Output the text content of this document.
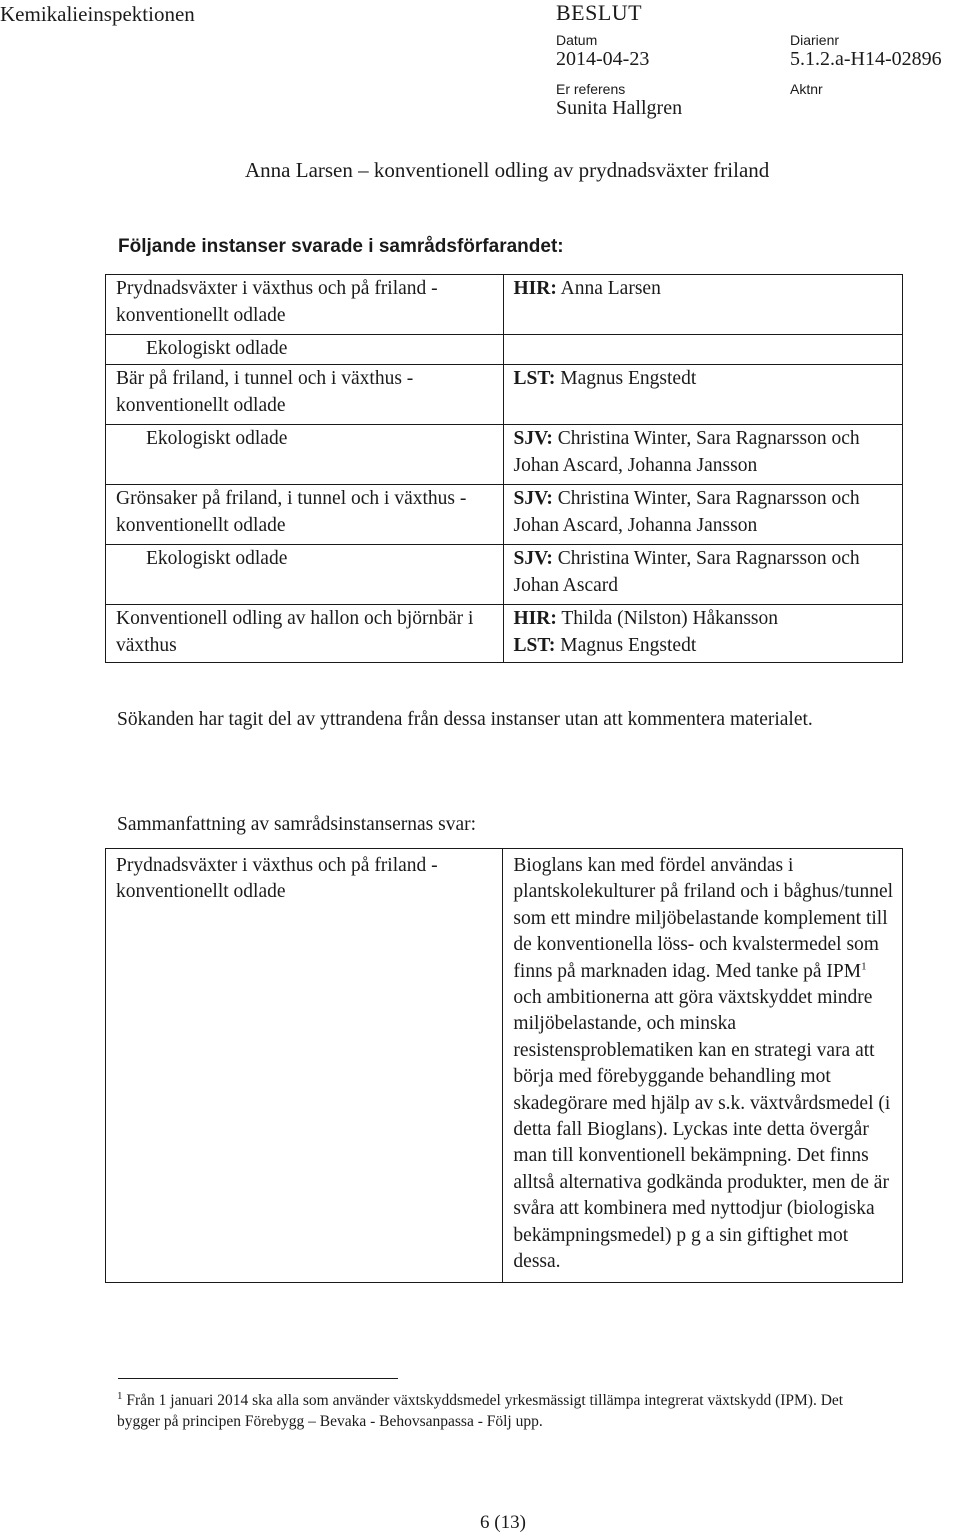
Kemikalieinspektionen	BESLUT
Datum
2014-04-23
Diarienr
5.1.2.a-H14-02896
Er referens
Sunita Hallgren
Aktnr
Anna Larsen – konventionell odling av prydnadsväxter friland
Följande instanser svarade i samrådsförfarandet:
Prydnadsväxter i växthus och på friland - konventionellt odlade	HIR: Anna Larsen
Ekologiskt odlade	
Bär på friland, i tunnel och i växthus - konventionellt odlade	LST: Magnus Engstedt
Ekologiskt odlade	SJV: Christina Winter, Sara Ragnarsson och Johan Ascard, Johanna Jansson
Grönsaker på friland, i tunnel och i växthus - konventionellt odlade	SJV: Christina Winter, Sara Ragnarsson och Johan Ascard, Johanna Jansson
Ekologiskt odlade	SJV: Christina Winter, Sara Ragnarsson och Johan Ascard
Konventionell odling av hallon och björnbär i växthus	HIR: Thilda (Nilston) Håkansson
LST: Magnus Engstedt
Sökanden har tagit del av yttrandena från dessa instanser utan att kommentera materialet.
Sammanfattning av samrådsinstansernas svar:
Prydnadsväxter i växthus och på friland - konventionellt odlade	Bioglans kan med fördel användas i plantskolekulturer på friland och i båghus/tunnel som ett mindre miljöbelastande komplement till de konventionella löss- och kvalstermedel som finns på marknaden idag. Med tanke på IPM$^1$ och ambitionerna att göra växtskyddet mindre miljöbelastande, och minska resistensproblematiken kan en strategi vara att börja med förebyggande behandling mot skadegörare med hjälp av s.k. växtvårdsmedel (i detta fall Bioglans). Lyckas inte detta övergår man till konventionell bekämpning. Det finns alltså alternativa godkända produkter, men de är svåra att kombinera med nyttodjur (biologiska bekämpningsmedel) p g a sin giftighet mot dessa.
$^1$ Från 1 januari 2014 ska alla som använder växtskyddsmedel yrkesmässigt tillämpa integrerat växtskydd (IPM). Det bygger på principen Förebygg – Bevaka - Behovsanpassa - Följ upp.
6 (13)
